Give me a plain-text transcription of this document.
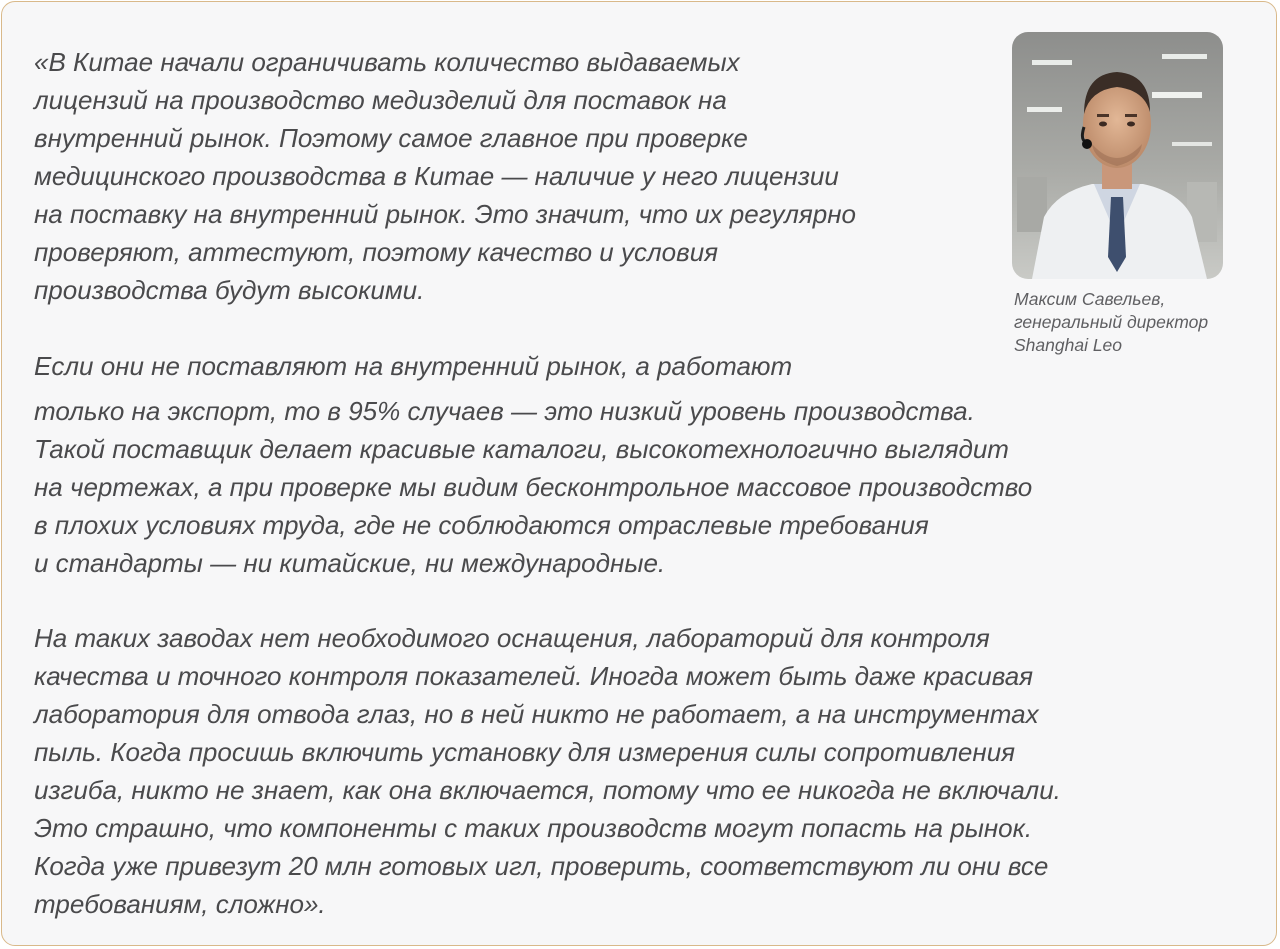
«В Китае начали ограничивать количество выдаваемых
лицензий на производство медизделий для поставок на
внутренний рынок. Поэтому самое главное при проверке
медицинского производства в Китае — наличие у него лицензии
на поставку на внутренний рынок. Это значит, что их регулярно
проверяют, аттестуют, поэтому качество и условия
производства будут высокими.

Если они не поставляют на внутренний рынок, а работают

только на экспорт, то в 95% случаев — это низкий уровень производства.
Такой поставщик делает красивые каталоги, высокотехнологично выглядит
на чертежах, а при проверке мы видим бесконтрольное массовое производство
в плохих условиях труда, где не соблюдаются отраслевые требования
и стандарты — ни китайские, ни международные.

На таких заводах нет необходимого оснащения, лабораторий для контроля
качества и точного контроля показателей. Иногда может быть даже красивая
лаборатория для отвода глаз, но в ней никто не работает, а на инструментах
пыль. Когда просишь включить установку для измерения силы сопротивления
изгиба, никто не знает, как она включается, потому что ее никогда не включали.
Это страшно, что компоненты с таких производств могут попасть на рынок.
Когда уже привезут 20 млн готовых игл, проверить, соответствуют ли они все
требованиям, сложно».

Максим Савельев,
генеральный директор
Shanghai Leo
